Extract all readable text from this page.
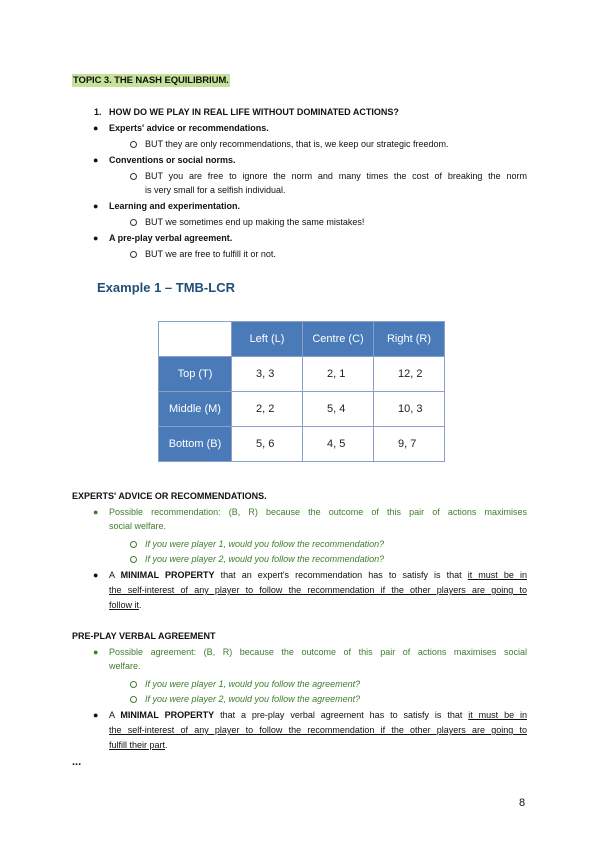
TOPIC 3. THE NASH EQUILIBRIUM.
1. HOW DO WE PLAY IN REAL LIFE WITHOUT DOMINATED ACTIONS?
● Experts' advice or recommendations.
BUT they are only recommendations, that is, we keep our strategic freedom.
● Conventions or social norms.
BUT you are free to ignore the norm and many times the cost of breaking the norm
is very small for a selfish individual.
● Learning and experimentation.
BUT we sometimes end up making the same mistakes!
● A pre-play verbal agreement.
BUT we are free to fulfill it or not.
Example 1 – TMB-LCR
	Left (L)	Centre (C)	Right (R)
Top (T)	3, 3	2, 1	12, 2
Middle (M)	2, 2	5, 4	10, 3
Bottom (B)	5, 6	4, 5	9, 7
EXPERTS' ADVICE OR RECOMMENDATIONS.
● Possible recommendation: (B, R) because the outcome of this pair of actions maximises
social welfare.
If you were player 1, would you follow the recommendation?
If you were player 2, would you follow the recommendation?
● A MINIMAL PROPERTY that an expert's recommendation has to satisfy is that it must be in
the self-interest of any player to follow the recommendation if the other players are going to
follow it.
PRE-PLAY VERBAL AGREEMENT
● Possible agreement: (B, R) because the outcome of this pair of actions maximises social
welfare.
If you were player 1, would you follow the agreement?
If you were player 2, would you follow the agreement?
● A MINIMAL PROPERTY that a pre-play verbal agreement has to satisfy is that it must be in
the self-interest of any player to follow the recommendation if the other players are going to
fulfill their part.
...
8
